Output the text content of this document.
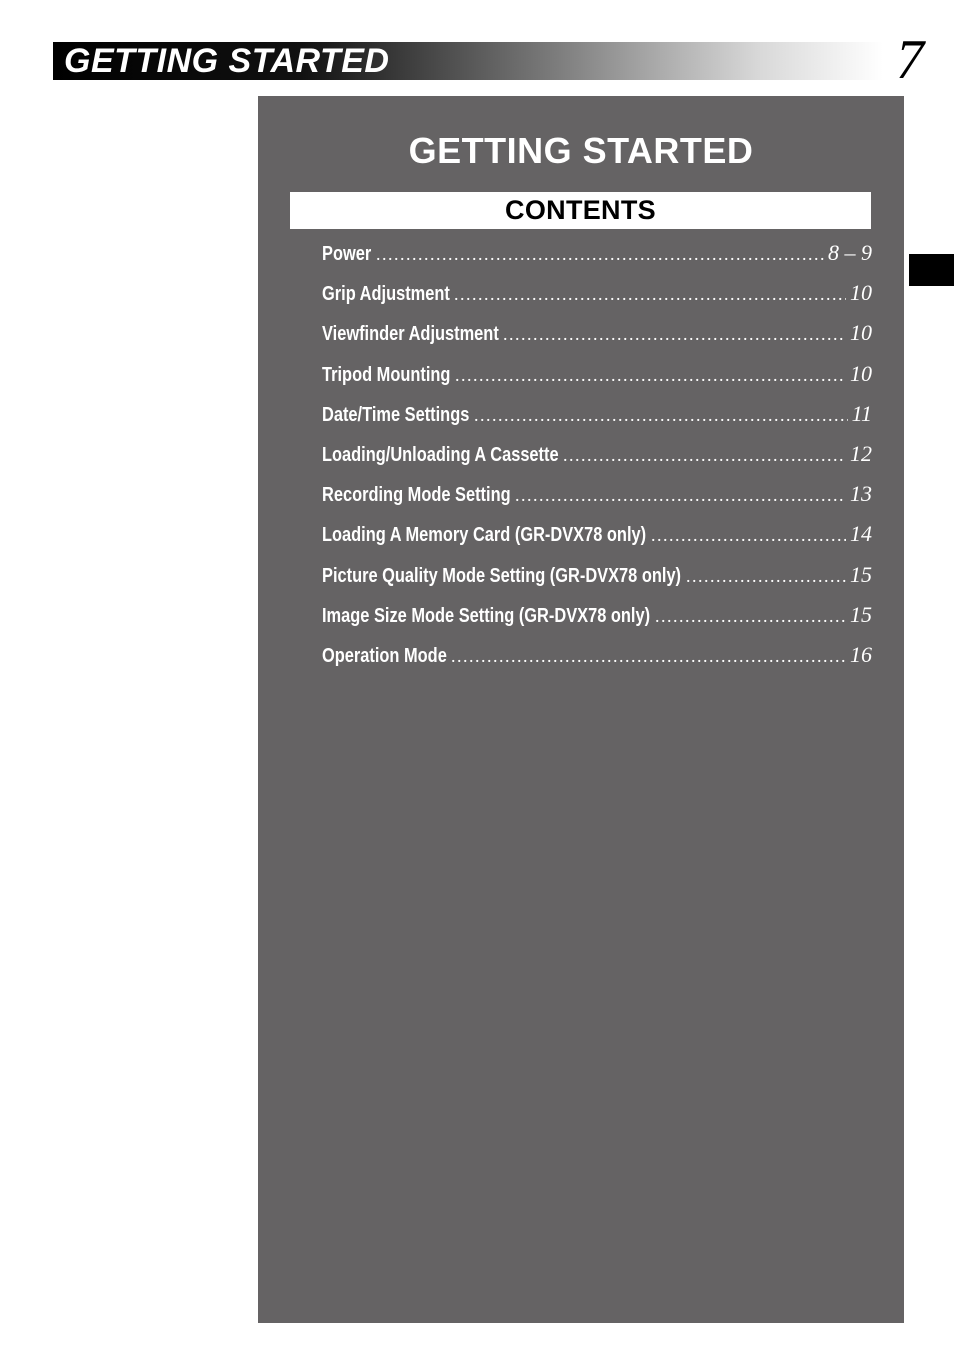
GETTING STARTED	7
GETTING STARTED
CONTENTS
Power .....	8 – 9
Grip Adjustment .....	10
Viewfinder Adjustment .....	10
Tripod Mounting .....	10
Date/Time Settings .....	11
Loading/Unloading A Cassette .....	12
Recording Mode Setting .....	13
Loading A Memory Card (GR-DVX78 only) .....	14
Picture Quality Mode Setting (GR-DVX78 only) .....	15
Image Size Mode Setting (GR-DVX78 only) .....	15
Operation Mode .....	16
